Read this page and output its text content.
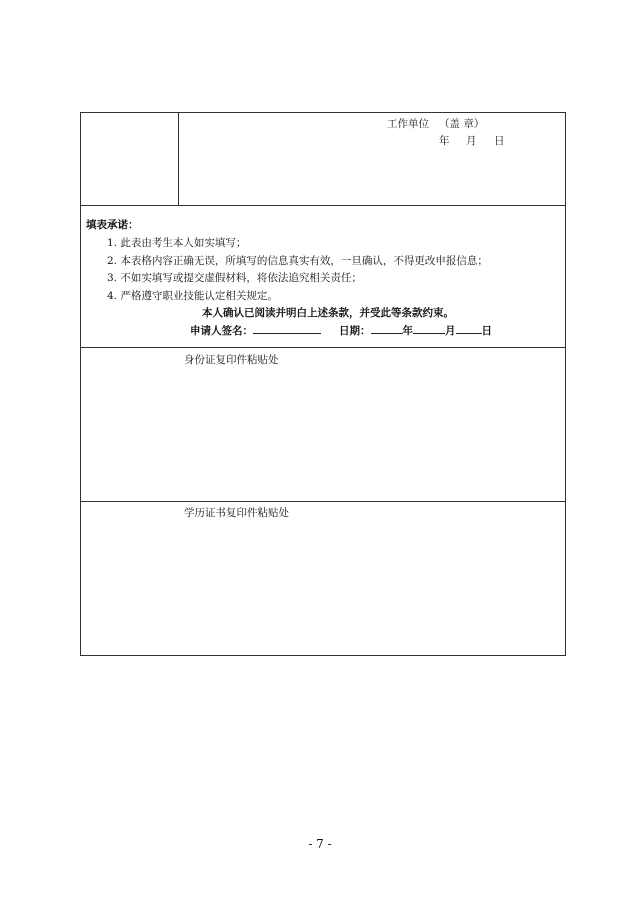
工作单位 （盖 章）
年 月 日
填表承诺：
1. 此表由考生本人如实填写；
2. 本表格内容正确无误，所填写的信息真实有效，一旦确认，不得更改申报信息；
3. 不如实填写或提交虚假材料，将依法追究相关责任；
4. 严格遵守职业技能认定相关规定。
本人确认已阅读并明白上述条款，并受此等条款约束。
申请人签名：	日期：	年	月 日
身份证复印件粘贴处
学历证书复印件粘贴处
- 7 -
